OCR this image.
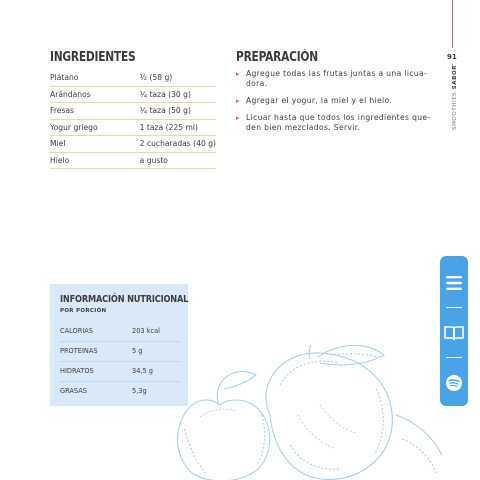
INGREDIENTES
Plátano	½ (58 g)
Arándanos	¼ taza (30 g)
Fresas	¼ taza (50 g)
Yogur griego	1 taza (225 ml)
Miel	2 cucharadas (40 g)
Hielo	a gusto
PREPARACIÓN
▸ Agregue todas las frutas juntas a una licua-dora.
▸ Agregar el yogur, la miel y el hielo.
▸ Licuar hasta que todos los ingredientes que-den bien mezclados. Servir.
91
SMOOTHIES SABOR
INFORMACIÓN NUTRICIONAL
POR PORCIÓN
CALORIAS	203 kcal
PROTEINAS	5 g
HIDRATOS	34,5 g
GRASAS	5,3g
